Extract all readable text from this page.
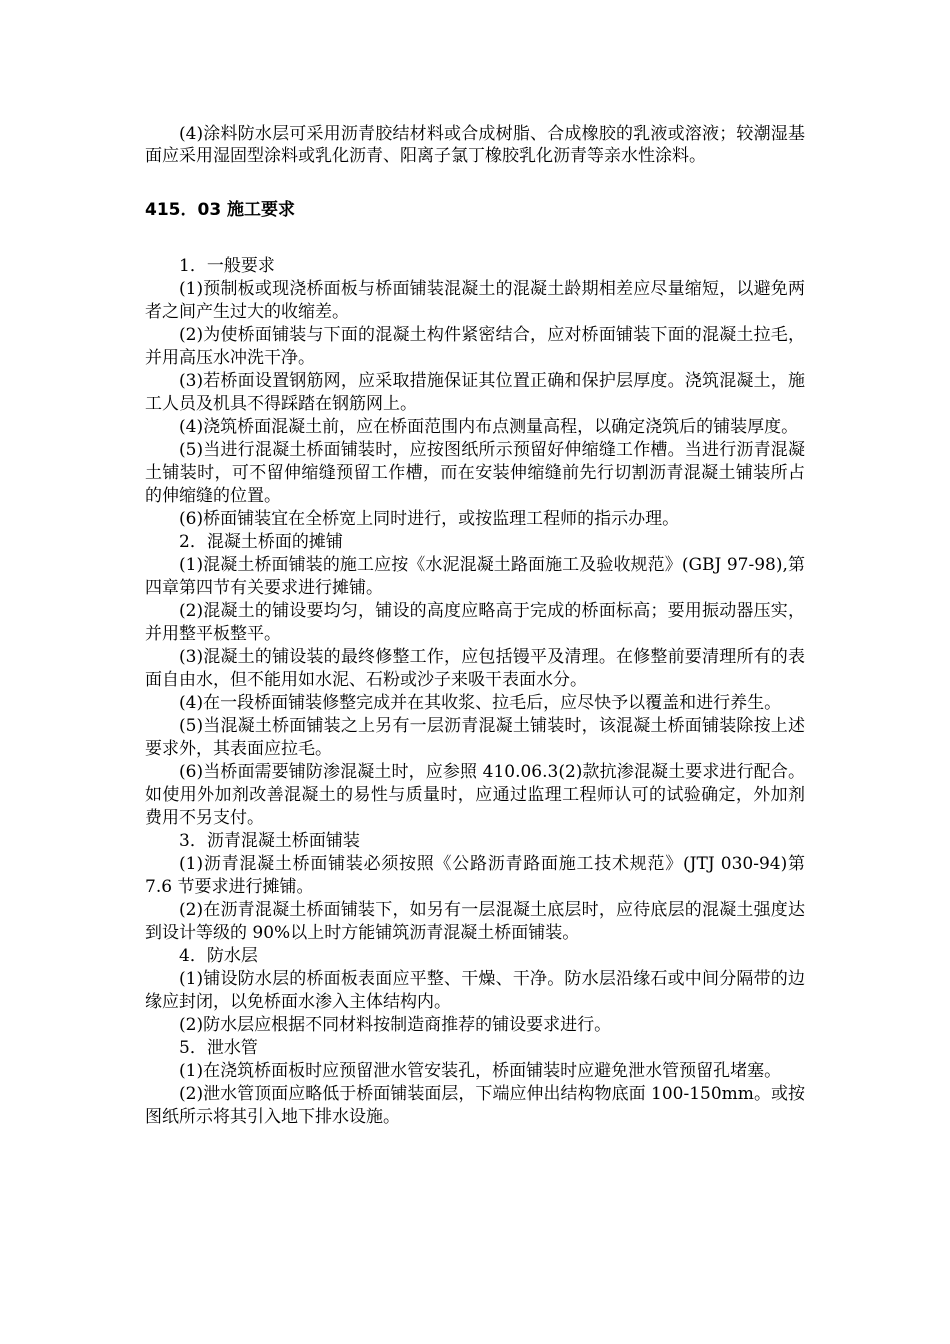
(4)涂料防水层可采用沥青胶结材料或合成树脂、合成橡胶的乳液或溶液；较潮湿基面应采用湿固型涂料或乳化沥青、阳离子氯丁橡胶乳化沥青等亲水性涂料。

415．03 施工要求

1．一般要求

(1)预制板或现浇桥面板与桥面铺装混凝土的混凝土龄期相差应尽量缩短，以避免两者之间产生过大的收缩差。

(2)为使桥面铺装与下面的混凝土构件紧密结合，应对桥面铺装下面的混凝土拉毛，并用高压水冲洗干净。

(3)若桥面设置钢筋网，应采取措施保证其位置正确和保护层厚度。浇筑混凝土，施工人员及机具不得踩踏在钢筋网上。

(4)浇筑桥面混凝土前，应在桥面范围内布点测量高程，以确定浇筑后的铺装厚度。

(5)当进行混凝土桥面铺装时，应按图纸所示预留好伸缩缝工作槽。当进行沥青混凝土铺装时，可不留伸缩缝预留工作槽，而在安装伸缩缝前先行切割沥青混凝土铺装所占的伸缩缝的位置。

(6)桥面铺装宜在全桥宽上同时进行，或按监理工程师的指示办理。

2．混凝土桥面的摊铺

(1)混凝土桥面铺装的施工应按《水泥混凝土路面施工及验收规范》(GBJ 97-98),第四章第四节有关要求进行摊铺。

(2)混凝土的铺设要均匀，铺设的高度应略高于完成的桥面标高；要用振动器压实，并用整平板整平。

(3)混凝土的铺设装的最终修整工作，应包括镘平及清理。在修整前要清理所有的表面自由水，但不能用如水泥、石粉或沙子来吸干表面水分。

(4)在一段桥面铺装修整完成并在其收浆、拉毛后，应尽快予以覆盖和进行养生。

(5)当混凝土桥面铺装之上另有一层沥青混凝土铺装时，该混凝土桥面铺装除按上述要求外，其表面应拉毛。

(6)当桥面需要铺防渗混凝土时，应参照 410.06.3(2)款抗渗混凝土要求进行配合。如使用外加剂改善混凝土的易性与质量时，应通过监理工程师认可的试验确定，外加剂费用不另支付。

3．沥青混凝土桥面铺装

(1)沥青混凝土桥面铺装必须按照《公路沥青路面施工技术规范》(JTJ 030-94)第 7.6 节要求进行摊铺。

(2)在沥青混凝土桥面铺装下，如另有一层混凝土底层时，应待底层的混凝土强度达到设计等级的 90%以上时方能铺筑沥青混凝土桥面铺装。

4．防水层

(1)铺设防水层的桥面板表面应平整、干燥、干净。防水层沿缘石或中间分隔带的边缘应封闭，以免桥面水渗入主体结构内。

(2)防水层应根据不同材料按制造商推荐的铺设要求进行。

5．泄水管

(1)在浇筑桥面板时应预留泄水管安装孔，桥面铺装时应避免泄水管预留孔堵塞。

(2)泄水管顶面应略低于桥面铺装面层，下端应伸出结构物底面 100-150mm。或按图纸所示将其引入地下排水设施。
